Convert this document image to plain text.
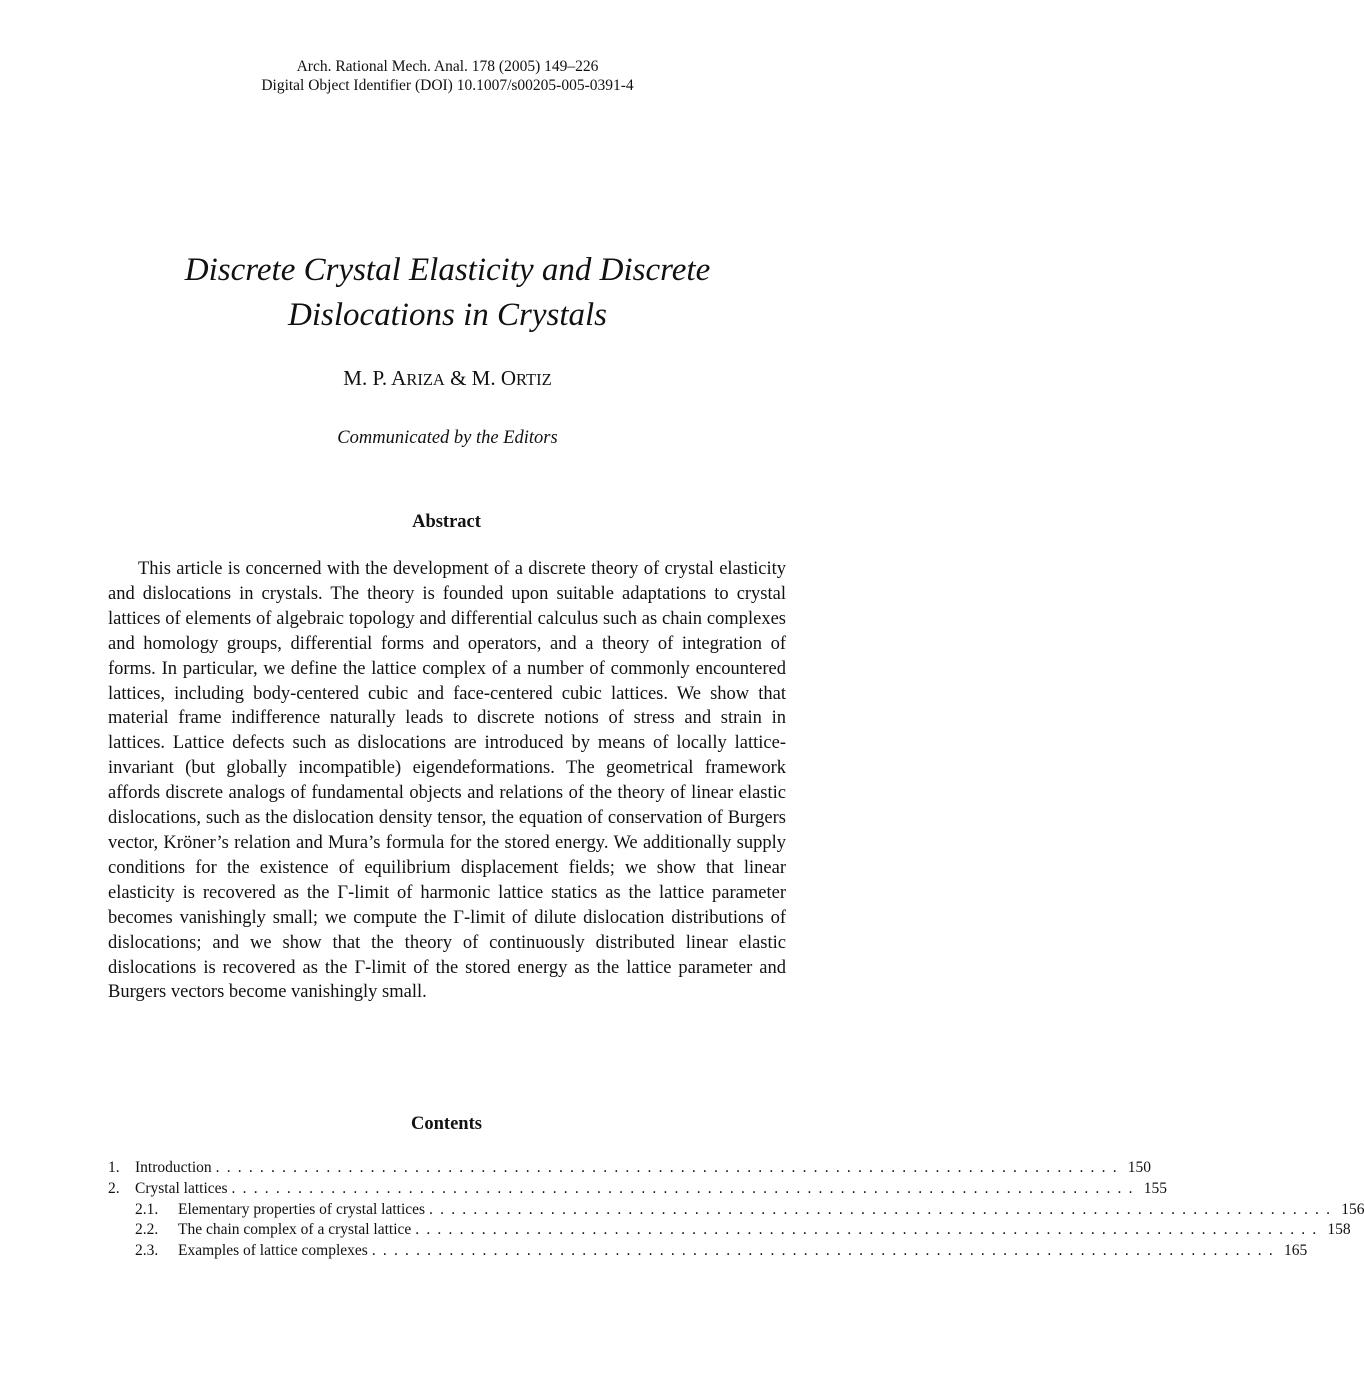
Arch. Rational Mech. Anal. 178 (2005) 149–226
Digital Object Identifier (DOI) 10.1007/s00205-005-0391-4
Discrete Crystal Elasticity and Discrete
Dislocations in Crystals
M. P. ARIZA & M. ORTIZ
Communicated by the Editors
Abstract

This article is concerned with the development of a discrete theory of crystal elasticity and dislocations in crystals. The theory is founded upon suitable adaptations to crystal lattices of elements of algebraic topology and differential calculus such as chain complexes and homology groups, differential forms and operators, and a theory of integration of forms. In particular, we define the lattice complex of a number of commonly encountered lattices, including body-centered cubic and face-centered cubic lattices. We show that material frame indifference naturally leads to discrete notions of stress and strain in lattices. Lattice defects such as dislocations are introduced by means of locally lattice-invariant (but globally incompatible) eigendeformations. The geometrical framework affords discrete analogs of fundamental objects and relations of the theory of linear elastic dislocations, such as the dislocation density tensor, the equation of conservation of Burgers vector, Kröner’s relation and Mura’s formula for the stored energy. We additionally supply conditions for the existence of equilibrium displacement fields; we show that linear elasticity is recovered as the Γ-limit of harmonic lattice statics as the lattice parameter becomes vanishingly small; we compute the Γ-limit of dilute dislocation distributions of dislocations; and we show that the theory of continuously distributed linear elastic dislocations is recovered as the Γ-limit of the stored energy as the lattice parameter and Burgers vectors become vanishingly small.

Contents
1. Introduction .................................................................................. 150
2. Crystal lattices .................................................................................. 155
2.1.	Elementary properties of crystal lattices .................................................................................. 156
2.2.	The chain complex of a crystal lattice .................................................................................. 158
2.3.	Examples of lattice complexes .................................................................................. 165
